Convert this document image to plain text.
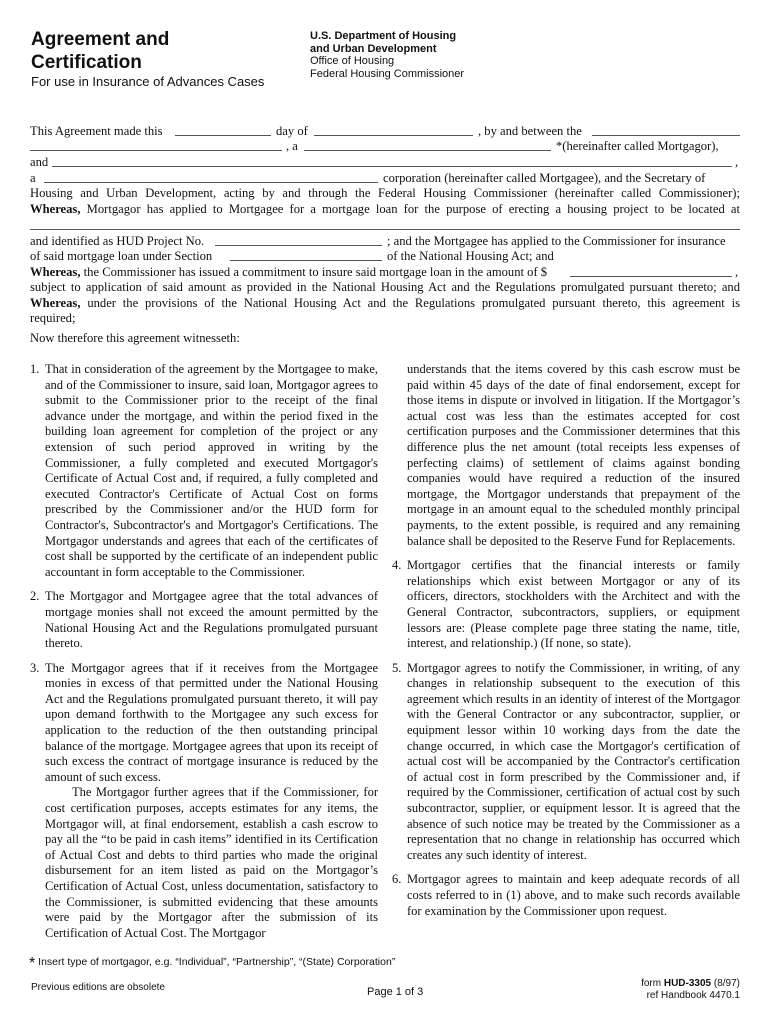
Agreement and
Certification
For use in Insurance of Advances Cases
U.S. Department of Housing
and Urban Development
Office of Housing
Federal Housing Commissioner
This Agreement made this	day of	, by and between the
, a	*(hereinafter called Mortgagor),
and	,
a	corporation (hereinafter called Mortgagee), and the Secretary of
Housing and Urban Development, acting by and through the Federal Housing Commissioner (hereinafter called Commissioner);
Whereas, Mortgagor has applied to Mortgagee for a mortgage loan for the purpose of erecting a housing project to be located at
and identified as HUD Project No.	; and the Mortgagee has applied to the Commissioner for insurance
of said mortgage loan under Section	of the National Housing Act; and
Whereas, the Commissioner has issued a commitment to insure said mortgage loan in the amount of $	,
subject to application of said amount as provided in the National Housing Act and the Regulations promulgated pursuant thereto; and
Whereas, under the provisions of the National Housing Act and the Regulations promulgated pursuant thereto, this agreement is
required;
Now therefore this agreement witnesseth:
1. That in consideration of the agreement by the Mortgagee to make, and of the Commissioner to insure, said loan, Mortgagor agrees to submit to the Commissioner prior to the receipt of the final advance under the mortgage, and within the period fixed in the building loan agreement for completion of the project or any extension of such period approved in writing by the Commissioner, a fully completed and executed Mortgagor's Certificate of Actual Cost and, if required, a fully completed and executed Contractor's Certificate of Actual Cost on forms prescribed by the Commissioner and/or the HUD form for Contractor's, Subcontractor's and Mortgagor's Certifications. The Mortgagor understands and agrees that each of the certificates of cost shall be supported by the certificate of an independent public accountant in form acceptable to the Commissioner.

2. The Mortgagor and Mortgagee agree that the total advances of mortgage monies shall not exceed the amount permitted by the National Housing Act and the Regulations promulgated pursuant thereto.

3. The Mortgagor agrees that if it receives from the Mortgagee monies in excess of that permitted under the National Housing Act and the Regulations promulgated pursuant thereto, it will pay upon demand forthwith to the Mortgagee any such excess for application to the reduction of the then outstanding principal balance of the mortgage. Mortgagee agrees that upon its receipt of such excess the contract of mortgage insurance is reduced by the amount of such excess.

The Mortgagor further agrees that if the Commissioner, for cost certification purposes, accepts estimates for any items, the Mortgagor will, at final endorsement, establish a cash escrow to pay all the “to be paid in cash items” identified in its Certification of Actual Cost and debts to third parties who made the original disbursement for an item listed as paid on the Mortgagor’s Certification of Actual Cost, unless documentation, satisfactory to the Commissioner, is submitted evidencing that these amounts were paid by the Mortgagor after the submission of its Certification of Actual Cost. The Mortgagor

understands that the items covered by this cash escrow must be paid within 45 days of the date of final endorsement, except for those items in dispute or involved in litigation. If the Mortgagor’s actual cost was less than the estimates accepted for cost certification purposes and the Commissioner determines that this difference plus the net amount (total receipts less expenses of perfecting claims) of settlement of claims against bonding companies would have required a reduction of the insured mortgage, the Mortgagor understands that prepayment of the mortgage in an amount equal to the scheduled monthly principal payments, to the extent possible, is required and any remaining balance shall be deposited to the Reserve Fund for Replacements.
4. Mortgagor certifies that the financial interests or family relationships which exist between Mortgagor or any of its officers, directors, stockholders with the Architect and with the General Contractor, subcontractors, suppliers, or equipment lessors are: (Please complete page three stating the name, title, interest, and relationship.) (If none, so state).

5. Mortgagor agrees to notify the Commissioner, in writing, of any changes in relationship subsequent to the execution of this agreement which results in an identity of interest of the Mortgagor with the General Contractor or any subcontractor, supplier, or equipment lessor within 10 working days from the date the change occurred, in which case the Mortgagor's certification of actual cost will be accompanied by the Contractor's certification of actual cost in form prescribed by the Commissioner and, if required by the Commissioner, certification of actual cost by such subcontractor, supplier, or equipment lessor. It is agreed that the absence of such notice may be treated by the Commissioner as a representation that no change in relationship has occurred which creates any such identity of interest.

6. Mortgagor agrees to maintain and keep adequate records of all costs referred to in (1) above, and to make such records available for examination by the Commissioner upon request.

* Insert type of mortgagor, e.g. “Individual”, “Partnership”, “(State) Corporation”
Previous editions are obsolete	Page 1 of 3
form HUD-3305 (8/97)
ref Handbook 4470.1
